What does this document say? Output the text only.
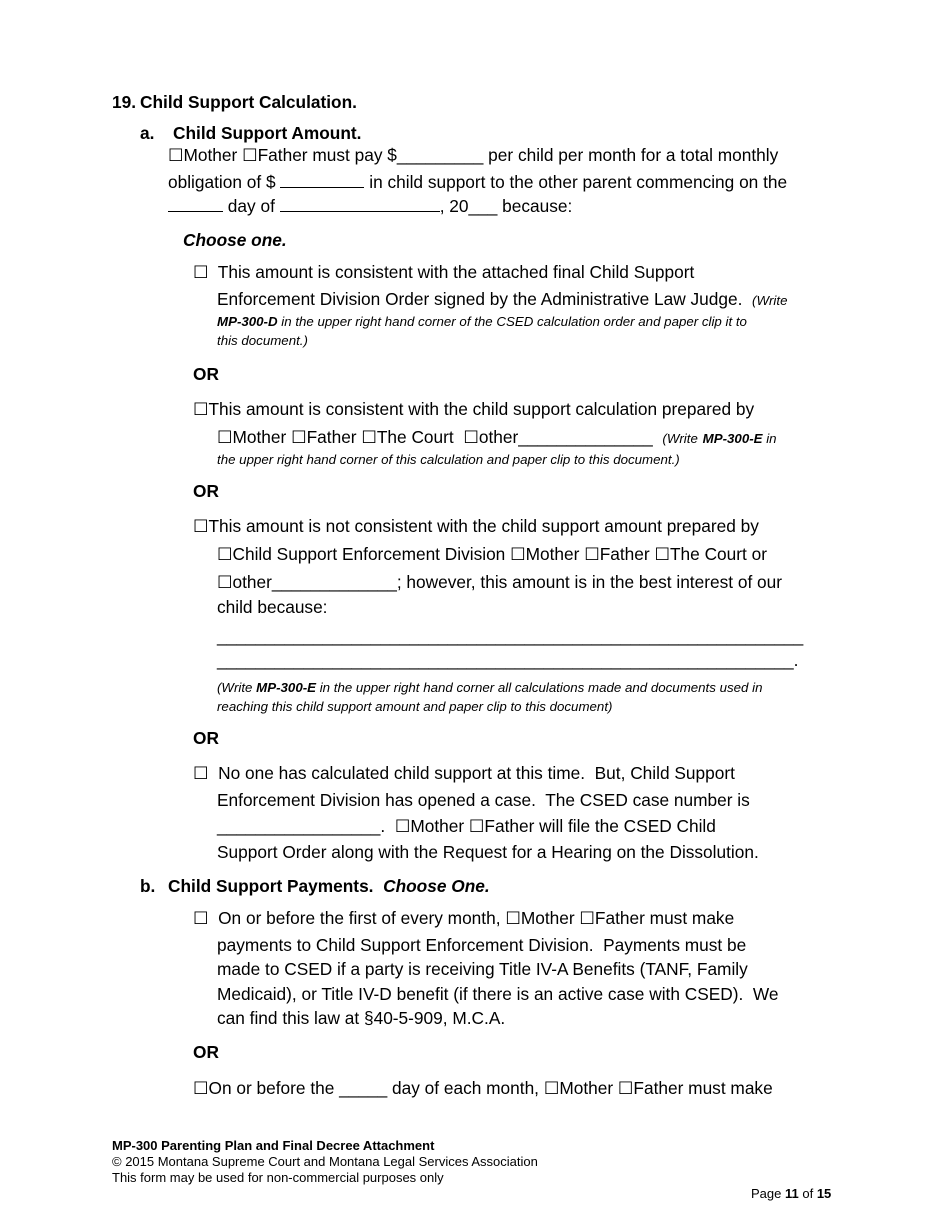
19. Child Support Calculation.
a. Child Support Amount.
☐Mother ☐Father must pay $_________ per child per month for a total monthly
obligation of $	in child support to the other parent commencing on the
day of	, 20___ because:
Choose one.
☐ This amount is consistent with the attached final Child Support
Enforcement Division Order signed by the Administrative Law Judge. (Write
MP-300-D in the upper right hand corner of the CSED calculation order and paper clip it to
this document.)
OR
☐This amount is consistent with the child support calculation prepared by
☐Mother ☐Father ☐The Court ☐other______________ (Write MP-300-E in
the upper right hand corner of this calculation and paper clip to this document.)
OR
☐This amount is not consistent with the child support amount prepared by
☐Child Support Enforcement Division ☐Mother ☐Father ☐The Court or
☐other_____________; however, this amount is in the best interest of our
child because:
_____________________________________________________________
____________________________________________________________.
(Write MP-300-E in the upper right hand corner all calculations made and documents used in
reaching this child support amount and paper clip to this document)
OR
☐ No one has calculated child support at this time.  But, Child Support
Enforcement Division has opened a case.  The CSED case number is
_________________. ☐Mother ☐Father will file the CSED Child
Support Order along with the Request for a Hearing on the Dissolution.
b. Child Support Payments. Choose One.
☐ On or before the first of every month, ☐Mother ☐Father must make
payments to Child Support Enforcement Division.  Payments must be
made to CSED if a party is receiving Title IV-A Benefits (TANF, Family
Medicaid), or Title IV-D benefit (if there is an active case with CSED).  We
can find this law at §40-5-909, M.C.A.
OR
☐On or before the _____ day of each month, ☐Mother ☐Father must make
MP-300 Parenting Plan and Final Decree Attachment
© 2015 Montana Supreme Court and Montana Legal Services Association
This form may be used for non-commercial purposes only
Page 11 of 15
